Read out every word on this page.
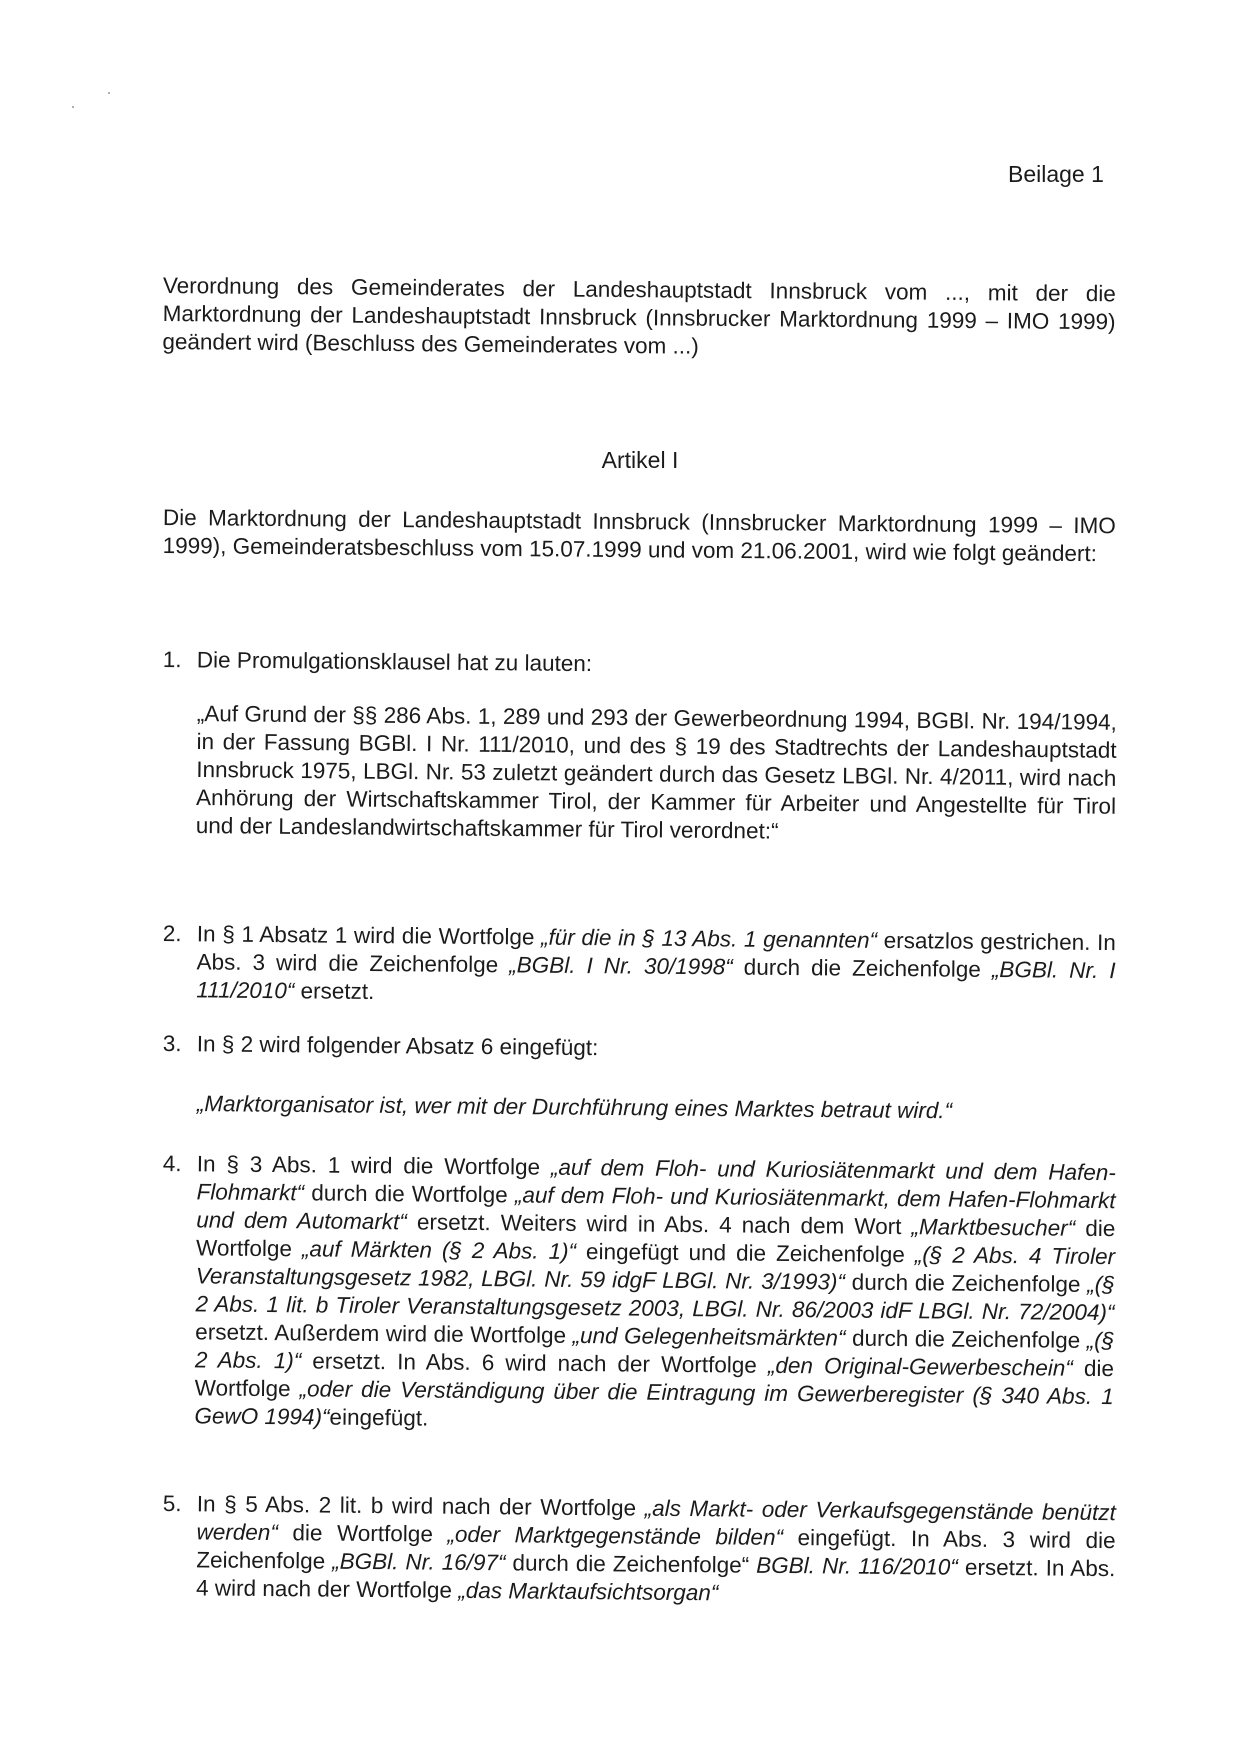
Beilage 1
Verordnung des Gemeinderates der Landeshauptstadt Innsbruck vom ..., mit der die Marktordnung der Landeshauptstadt Innsbruck (Innsbrucker Marktordnung 1999 – IMO 1999) geändert wird (Beschluss des Gemeinderates vom ...)
Artikel I
Die Marktordnung der Landeshauptstadt Innsbruck (Innsbrucker Marktordnung 1999 – IMO 1999), Gemeinderatsbeschluss vom 15.07.1999 und vom 21.06.2001, wird wie folgt geändert:
1. Die Promulgationsklausel hat zu lauten:
„Auf Grund der §§ 286 Abs. 1, 289 und 293 der Gewerbeordnung 1994, BGBl. Nr. 194/1994, in der Fassung BGBl. I Nr. 111/2010, und des § 19 des Stadtrechts der Landeshauptstadt Innsbruck 1975, LBGl. Nr. 53 zuletzt geändert durch das Gesetz LBGl. Nr. 4/2011, wird nach Anhörung der Wirtschaftskammer Tirol, der Kammer für Arbeiter und Angestellte für Tirol und der Landeslandwirtschaftskammer für Tirol verordnet:“
2. In § 1 Absatz 1 wird die Wortfolge „für die in § 13 Abs. 1 genannten“ ersatzlos gestrichen. In Abs. 3 wird die Zeichenfolge „BGBl. I Nr. 30/1998“ durch die Zeichenfolge „BGBl. Nr. I 111/2010“ ersetzt.
3. In § 2 wird folgender Absatz 6 eingefügt:
„Marktorganisator ist, wer mit der Durchführung eines Marktes betraut wird.“
4. In § 3 Abs. 1 wird die Wortfolge „auf dem Floh- und Kuriosiätenmarkt und dem Hafen-Flohmarkt“ durch die Wortfolge „auf dem Floh- und Kuriosiätenmarkt, dem Hafen-Flohmarkt und dem Automarkt“ ersetzt. Weiters wird in Abs. 4 nach dem Wort „Marktbesucher“ die Wortfolge „auf Märkten (§ 2 Abs. 1)“ eingefügt und die Zeichenfolge „(§ 2 Abs. 4 Tiroler Veranstaltungsgesetz 1982, LBGl. Nr. 59 idgF LBGl. Nr. 3/1993)“ durch die Zeichenfolge „(§ 2 Abs. 1 lit. b Tiroler Veranstaltungsgesetz 2003, LBGl. Nr. 86/2003 idF LBGl. Nr. 72/2004)“ ersetzt. Außerdem wird die Wortfolge „und Gelegenheitsmärkten“ durch die Zeichenfolge „(§ 2 Abs. 1)“ ersetzt. In Abs. 6 wird nach der Wortfolge „den Original-Gewerbeschein“ die Wortfolge „oder die Verständigung über die Eintragung im Gewerberegister (§ 340 Abs. 1 GewO 1994)“eingefügt.
5. In § 5 Abs. 2 lit. b wird nach der Wortfolge „als Markt- oder Verkaufsgegenstände benützt werden“ die Wortfolge „oder Marktgegenstände bilden“ eingefügt. In Abs. 3 wird die Zeichenfolge „BGBl. Nr. 16/97“ durch die Zeichenfolge“ BGBl. Nr. 116/2010“ ersetzt. In Abs. 4 wird nach der Wortfolge „das Marktaufsichtsorgan“
